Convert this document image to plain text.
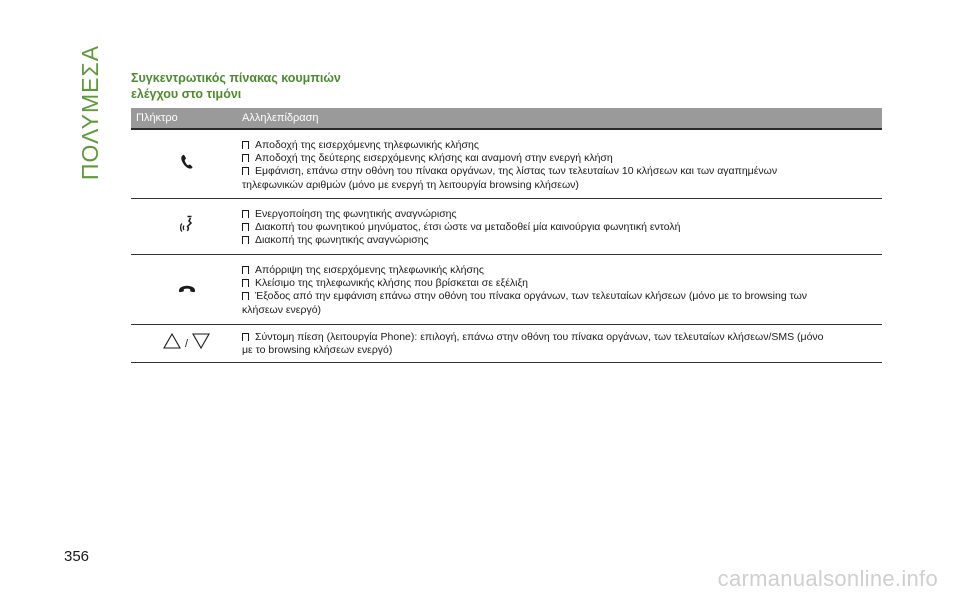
ΠΟΛΥΜΕΣΑ Συγκεντρωτικός πίνακας κουμπιών
ελέγχου στο τιμόνι
Πλήκτρο	Αλληλεπίδραση
Αποδοχή της εισερχόμενης τηλεφωνικής κλήσης
Αποδοχή της δεύτερης εισερχόμενης κλήσης και αναμονή στην ενεργή κλήση
Εμφάνιση, επάνω στην οθόνη του πίνακα οργάνων, της λίστας των τελευταίων 10 κλήσεων και των αγαπημένων
τηλεφωνικών αριθμών (μόνο με ενεργή τη λειτουργία browsing κλήσεων)
Ενεργοποίηση της φωνητικής αναγνώρισης
Διακοπή του φωνητικού μηνύματος, έτσι ώστε να μεταδοθεί μία καινούργια φωνητική εντολή
Διακοπή της φωνητικής αναγνώρισης
Απόρριψη της εισερχόμενης τηλεφωνικής κλήσης
Κλείσιμο της τηλεφωνικής κλήσης που βρίσκεται σε εξέλιξη
Έξοδος από την εμφάνιση επάνω στην οθόνη του πίνακα οργάνων, των τελευταίων κλήσεων (μόνο με το browsing των
κλήσεων ενεργό)
/
Σύντομη πίεση (λειτουργία Phone): επιλογή, επάνω στην οθόνη του πίνακα οργάνων, των τελευταίων κλήσεων/SMS (μόνο
με το browsing κλήσεων ενεργό)
356
carmanualsonline.info
